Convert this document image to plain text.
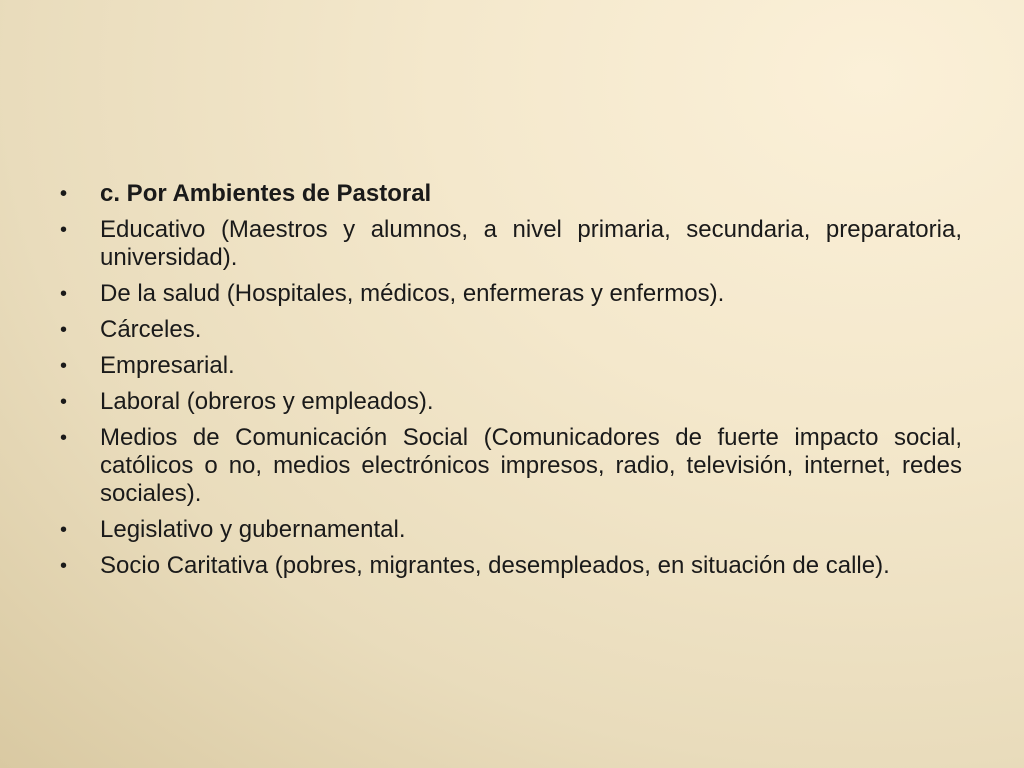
•	c. Por Ambientes de Pastoral
•	Educativo (Maestros y alumnos, a nivel primaria, secundaria, preparatoria, universidad).
•	De la salud (Hospitales, médicos, enfermeras y enfermos).
•	Cárceles.
•	Empresarial.
•	Laboral (obreros y empleados).
•	Medios de Comunicación Social (Comunicadores de fuerte impacto social, católicos o no, medios electrónicos impresos, radio, televisión, internet, redes sociales).
•	Legislativo y gubernamental.
•	Socio Caritativa (pobres, migrantes, desempleados, en situación de calle).
